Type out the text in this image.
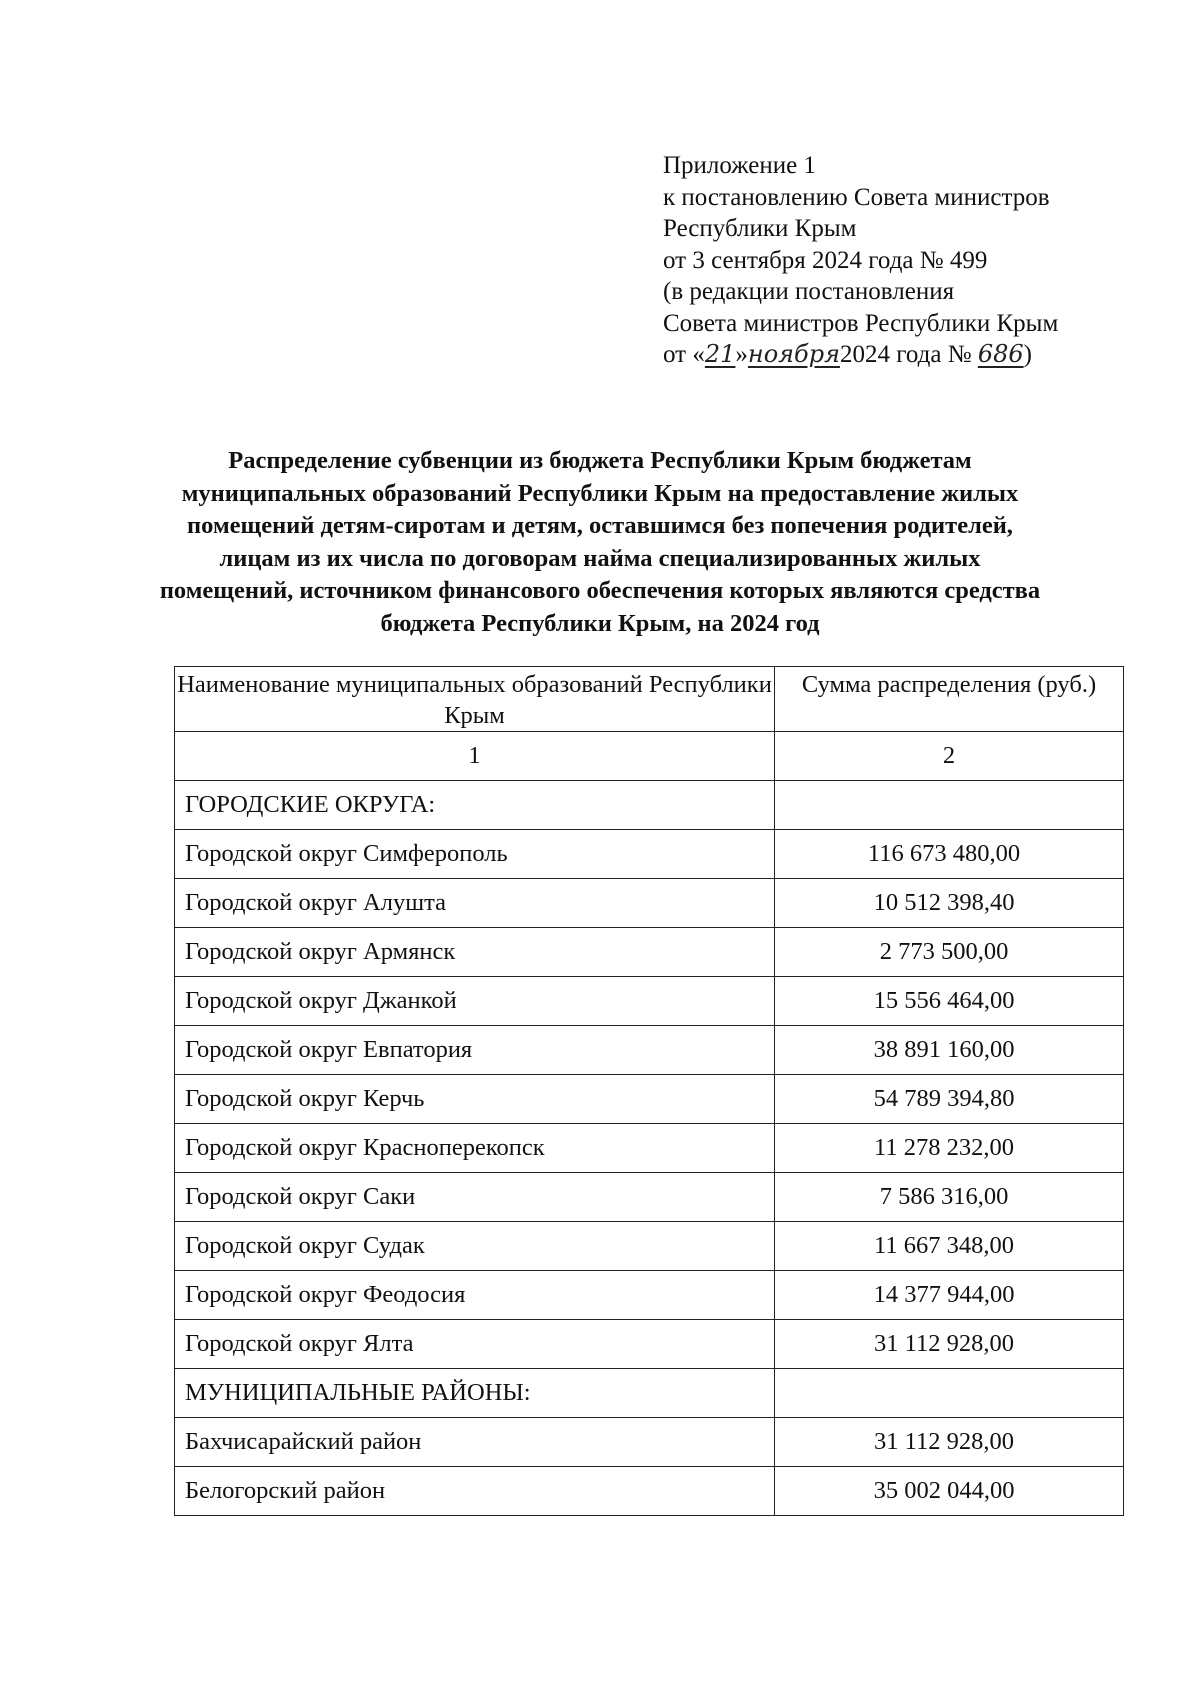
Приложение 1
к постановлению Совета министров
Республики Крым
от 3 сентября 2024 года № 499
(в редакции постановления
Совета министров Республики Крым
от «21»ноября2024 года № 686)
Распределение субвенции из бюджета Республики Крым бюджетам муниципальных образований Республики Крым на предоставление жилых помещений детям-сиротам и детям, оставшимся без попечения родителей, лицам из их числа по договорам найма специализированных жилых помещений, источником финансового обеспечения которых являются средства бюджета Республики Крым, на 2024 год
Наименование муниципальных образований Республики Крым	Сумма распределения (руб.)
1	2
ГОРОДСКИЕ ОКРУГА:	
Городской округ Симферополь	116 673 480,00
Городской округ Алушта	10 512 398,40
Городской округ Армянск	2 773 500,00
Городской округ Джанкой	15 556 464,00
Городской округ Евпатория	38 891 160,00
Городской округ Керчь	54 789 394,80
Городской округ Красноперекопск	11 278 232,00
Городской округ Саки	7 586 316,00
Городской округ Судак	11 667 348,00
Городской округ Феодосия	14 377 944,00
Городской округ Ялта	31 112 928,00
МУНИЦИПАЛЬНЫЕ РАЙОНЫ:	
Бахчисарайский район	31 112 928,00
Белогорский район	35 002 044,00
